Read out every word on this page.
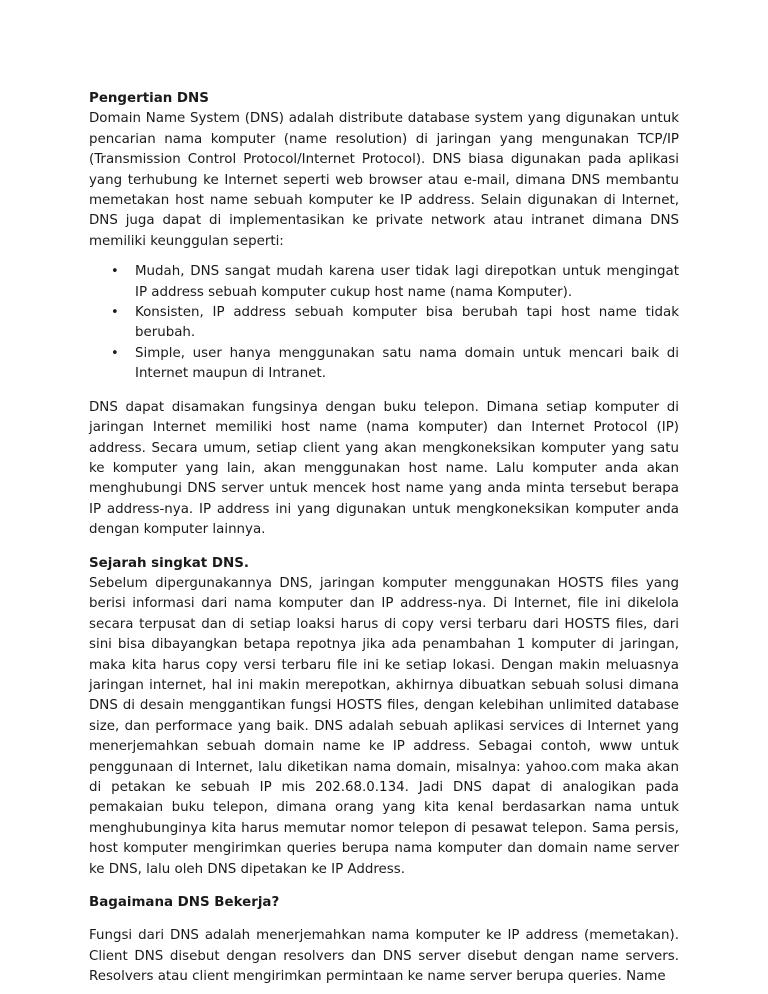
Pengertian DNS

Domain Name System (DNS) adalah distribute database system yang digunakan untuk pencarian nama komputer (name resolution) di jaringan yang mengunakan TCP/IP (Transmission Control Protocol/Internet Protocol). DNS biasa digunakan pada aplikasi yang terhubung ke Internet seperti web browser atau e-mail, dimana DNS membantu memetakan host name sebuah komputer ke IP address. Selain digunakan di Internet, DNS juga dapat di implementasikan ke private network atau intranet dimana DNS memiliki keunggulan seperti:

• Mudah, DNS sangat mudah karena user tidak lagi direpotkan untuk mengingat IP address sebuah komputer cukup host name (nama Komputer).
• Konsisten, IP address sebuah komputer bisa berubah tapi host name tidak berubah.
• Simple, user hanya menggunakan satu nama domain untuk mencari baik di Internet maupun di Intranet.

DNS dapat disamakan fungsinya dengan buku telepon. Dimana setiap komputer di jaringan Internet memiliki host name (nama komputer) dan Internet Protocol (IP) address. Secara umum, setiap client yang akan mengkoneksikan komputer yang satu ke komputer yang lain, akan menggunakan host name. Lalu komputer anda akan menghubungi DNS server untuk mencek host name yang anda minta tersebut berapa IP address-nya. IP address ini yang digunakan untuk mengkoneksikan komputer anda dengan komputer lainnya.

Sejarah singkat DNS.

Sebelum dipergunakannya DNS, jaringan komputer menggunakan HOSTS files yang berisi informasi dari nama komputer dan IP address-nya. Di Internet, file ini dikelola secara terpusat dan di setiap loaksi harus di copy versi terbaru dari HOSTS files, dari sini bisa dibayangkan betapa repotnya jika ada penambahan 1 komputer di jaringan, maka kita harus copy versi terbaru file ini ke setiap lokasi. Dengan makin meluasnya jaringan internet, hal ini makin merepotkan, akhirnya dibuatkan sebuah solusi dimana DNS di desain menggantikan fungsi HOSTS files, dengan kelebihan unlimited database size, dan performace yang baik. DNS adalah sebuah aplikasi services di Internet yang menerjemahkan sebuah domain name ke IP address. Sebagai contoh, www untuk penggunaan di Internet, lalu diketikan nama domain, misalnya: yahoo.com maka akan di petakan ke sebuah IP mis 202.68.0.134. Jadi DNS dapat di analogikan pada pemakaian buku telepon, dimana orang yang kita kenal berdasarkan nama untuk menghubunginya kita harus memutar nomor telepon di pesawat telepon. Sama persis, host komputer mengirimkan queries berupa nama komputer dan domain name server ke DNS, lalu oleh DNS dipetakan ke IP Address.

Bagaimana DNS Bekerja?

Fungsi dari DNS adalah menerjemahkan nama komputer ke IP address (memetakan). Client DNS disebut dengan resolvers dan DNS server disebut dengan name servers. Resolvers atau client mengirimkan permintaan ke name server berupa queries. Name
